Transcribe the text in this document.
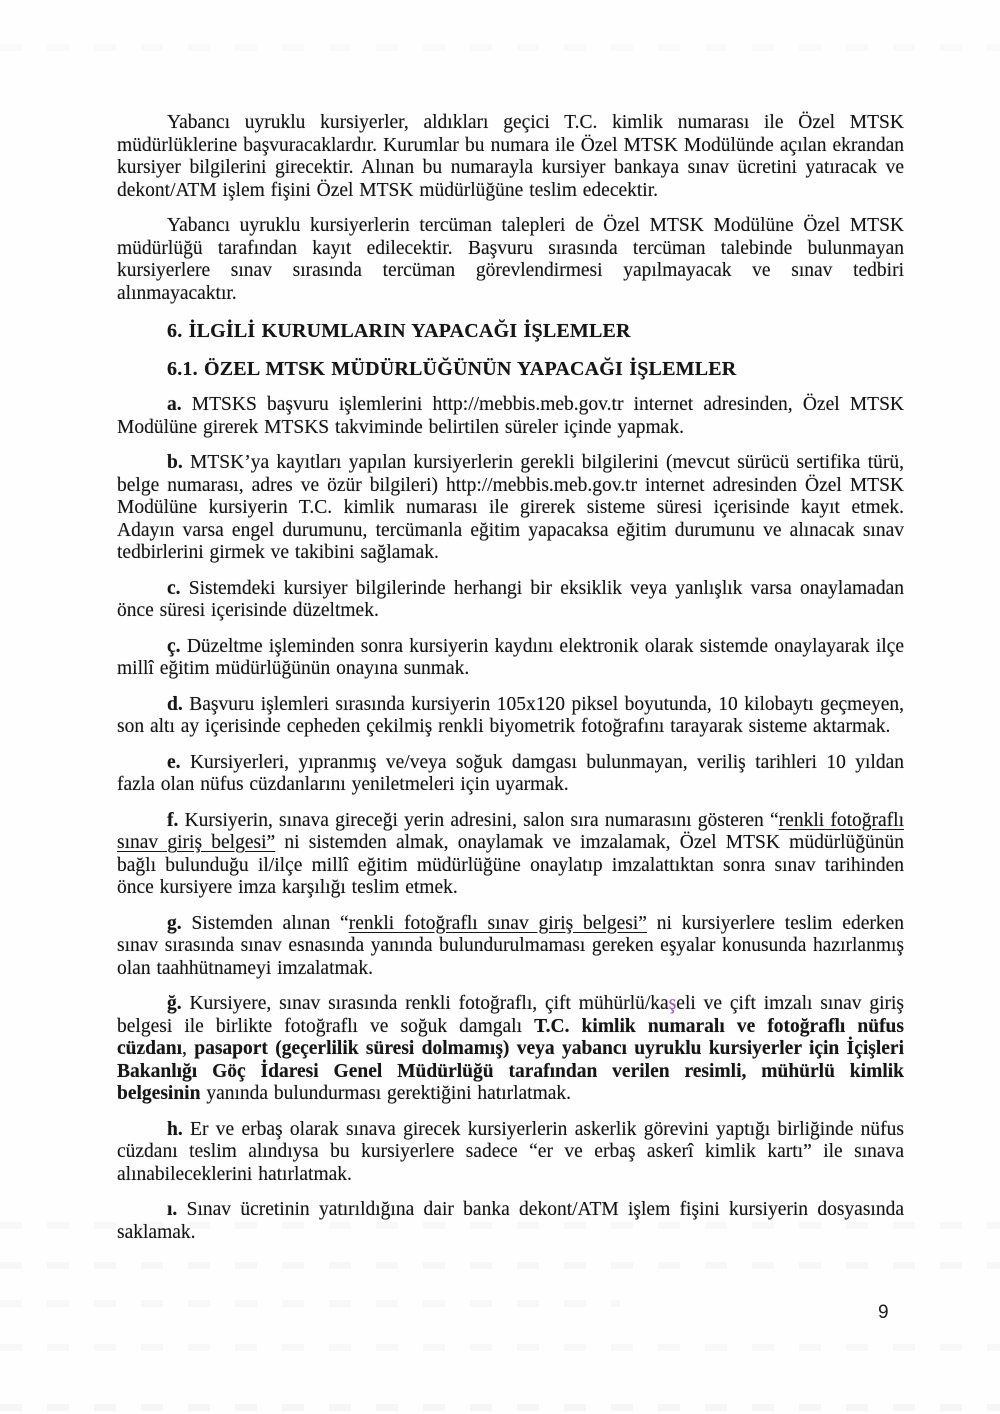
Yabancı uyruklu kursiyerler, aldıkları geçici T.C. kimlik numarası ile Özel MTSK müdürlüklerine başvuracaklardır. Kurumlar bu numara ile Özel MTSK Modülünde açılan ekrandan kursiyer bilgilerini girecektir. Alınan bu numarayla kursiyer bankaya sınav ücretini yatıracak ve dekont/ATM işlem fişini Özel MTSK müdürlüğüne teslim edecektir.

Yabancı uyruklu kursiyerlerin tercüman talepleri de Özel MTSK Modülüne Özel MTSK müdürlüğü tarafından kayıt edilecektir. Başvuru sırasında tercüman talebinde bulunmayan kursiyerlere sınav sırasında tercüman görevlendirmesi yapılmayacak ve sınav tedbiri alınmayacaktır.

6. İLGİLİ KURUMLARIN YAPACAĞI İŞLEMLER
6.1. ÖZEL MTSK MÜDÜRLÜĞÜNÜN YAPACAĞI İŞLEMLER

a. MTSKS başvuru işlemlerini http://mebbis.meb.gov.tr internet adresinden, Özel MTSK Modülüne girerek MTSKS takviminde belirtilen süreler içinde yapmak.

b. MTSK’ya kayıtları yapılan kursiyerlerin gerekli bilgilerini (mevcut sürücü sertifika türü, belge numarası, adres ve özür bilgileri) http://mebbis.meb.gov.tr internet adresinden Özel MTSK Modülüne kursiyerin T.C. kimlik numarası ile girerek sisteme süresi içerisinde kayıt etmek. Adayın varsa engel durumunu, tercümanla eğitim yapacaksa eğitim durumunu ve alınacak sınav tedbirlerini girmek ve takibini sağlamak.

c. Sistemdeki kursiyer bilgilerinde herhangi bir eksiklik veya yanlışlık varsa onaylamadan önce süresi içerisinde düzeltmek.

ç. Düzeltme işleminden sonra kursiyerin kaydını elektronik olarak sistemde onaylayarak ilçe millî eğitim müdürlüğünün onayına sunmak.

d. Başvuru işlemleri sırasında kursiyerin 105x120 piksel boyutunda, 10 kilobaytı geçmeyen, son altı ay içerisinde cepheden çekilmiş renkli biyometrik fotoğrafını tarayarak sisteme aktarmak.

e. Kursiyerleri, yıpranmış ve/veya soğuk damgası bulunmayan, veriliş tarihleri 10 yıldan fazla olan nüfus cüzdanlarını yeniletmeleri için uyarmak.

f. Kursiyerin, sınava gireceği yerin adresini, salon sıra numarasını gösteren “renkli fotoğraflı sınav giriş belgesi” ni sistemden almak, onaylamak ve imzalamak, Özel MTSK müdürlüğünün bağlı bulunduğu il/ilçe millî eğitim müdürlüğüne onaylatıp imzalattıktan sonra sınav tarihinden önce kursiyere imza karşılığı teslim etmek.

g. Sistemden alınan “renkli fotoğraflı sınav giriş belgesi” ni kursiyerlere teslim ederken sınav sırasında sınav esnasında yanında bulundurulmaması gereken eşyalar konusunda hazırlanmış olan taahhütnameyi imzalatmak.

ğ. Kursiyere, sınav sırasında renkli fotoğraflı, çift mühürlü/kaşeli ve çift imzalı sınav giriş belgesi ile birlikte fotoğraflı ve soğuk damgalı T.C. kimlik numaralı ve fotoğraflı nüfus cüzdanı, pasaport (geçerlilik süresi dolmamış) veya yabancı uyruklu kursiyerler için İçişleri Bakanlığı Göç İdaresi Genel Müdürlüğü tarafından verilen resimli, mühürlü kimlik belgesinin yanında bulundurması gerektiğini hatırlatmak.

h. Er ve erbaş olarak sınava girecek kursiyerlerin askerlik görevini yaptığı birliğinde nüfus cüzdanı teslim alındıysa bu kursiyerlere sadece “er ve erbaş askerî kimlik kartı” ile sınava alınabileceklerini hatırlatmak.

ı. Sınav ücretinin yatırıldığına dair banka dekont/ATM işlem fişini kursiyerin dosyasında saklamak.

9
